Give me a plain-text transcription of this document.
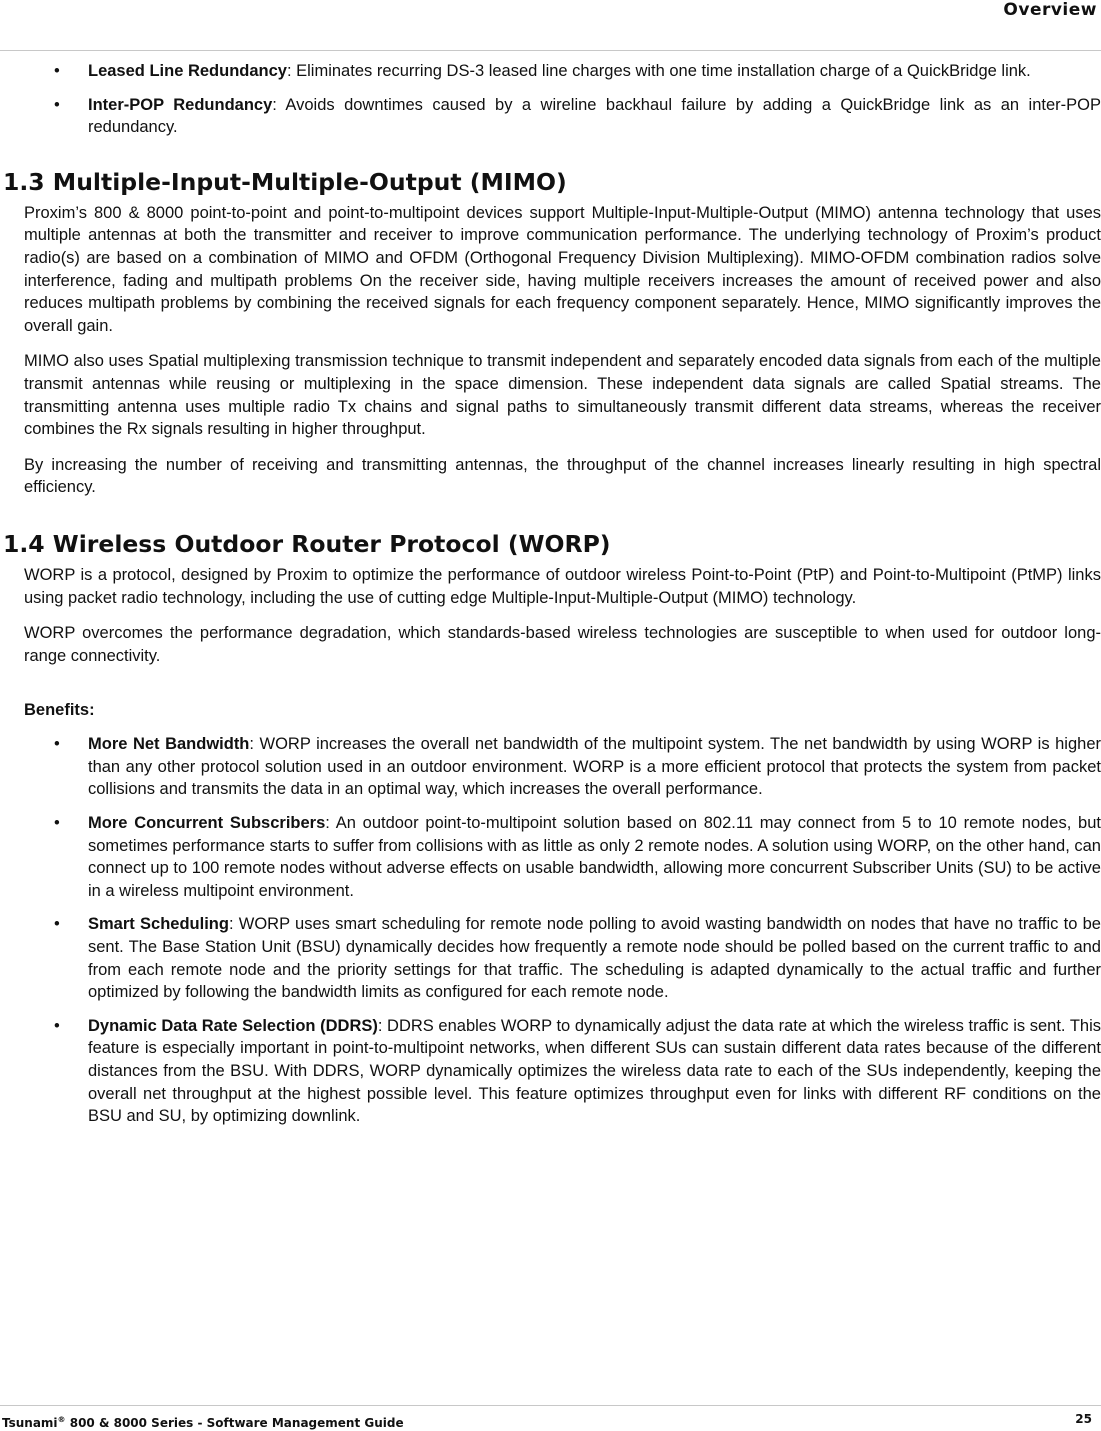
Overview
• Leased Line Redundancy: Eliminates recurring DS-3 leased line charges with one time installation charge of a QuickBridge link.
• Inter-POP Redundancy: Avoids downtimes caused by a wireline backhaul failure by adding a QuickBridge link as an inter-POP redundancy.
1.3 Multiple-Input-Multiple-Output (MIMO)

Proxim’s 800 & 8000 point-to-point and point-to-multipoint devices support Multiple-Input-Multiple-Output (MIMO) antenna technology that uses multiple antennas at both the transmitter and receiver to improve communication performance. The underlying technology of Proxim’s product radio(s) are based on a combination of MIMO and OFDM (Orthogonal Frequency Division Multiplexing). MIMO-OFDM combination radios solve interference, fading and multipath problems On the receiver side, having multiple receivers increases the amount of received power and also reduces multipath problems by combining the received signals for each frequency component separately. Hence, MIMO significantly improves the overall gain.

MIMO also uses Spatial multiplexing transmission technique to transmit independent and separately encoded data signals from each of the multiple transmit antennas while reusing or multiplexing in the space dimension. These independent data signals are called Spatial streams. The transmitting antenna uses multiple radio Tx chains and signal paths to simultaneously transmit different data streams, whereas the receiver combines the Rx signals resulting in higher throughput.

By increasing the number of receiving and transmitting antennas, the throughput of the channel increases linearly resulting in high spectral efficiency.

1.4 Wireless Outdoor Router Protocol (WORP)

WORP is a protocol, designed by Proxim to optimize the performance of outdoor wireless Point-to-Point (PtP) and Point-to-Multipoint (PtMP) links using packet radio technology, including the use of cutting edge Multiple-Input-Multiple-Output (MIMO) technology.

WORP overcomes the performance degradation, which standards-based wireless technologies are susceptible to when used for outdoor long-range connectivity.

Benefits:
• More Net Bandwidth: WORP increases the overall net bandwidth of the multipoint system. The net bandwidth by using WORP is higher than any other protocol solution used in an outdoor environment. WORP is a more efficient protocol that protects the system from packet collisions and transmits the data in an optimal way, which increases the overall performance.
• More Concurrent Subscribers: An outdoor point-to-multipoint solution based on 802.11 may connect from 5 to 10 remote nodes, but sometimes performance starts to suffer from collisions with as little as only 2 remote nodes. A solution using WORP, on the other hand, can connect up to 100 remote nodes without adverse effects on usable bandwidth, allowing more concurrent Subscriber Units (SU) to be active in a wireless multipoint environment.
• Smart Scheduling: WORP uses smart scheduling for remote node polling to avoid wasting bandwidth on nodes that have no traffic to be sent. The Base Station Unit (BSU) dynamically decides how frequently a remote node should be polled based on the current traffic to and from each remote node and the priority settings for that traffic. The scheduling is adapted dynamically to the actual traffic and further optimized by following the bandwidth limits as configured for each remote node.
• Dynamic Data Rate Selection (DDRS): DDRS enables WORP to dynamically adjust the data rate at which the wireless traffic is sent. This feature is especially important in point-to-multipoint networks, when different SUs can sustain different data rates because of the different distances from the BSU. With DDRS, WORP dynamically optimizes the wireless data rate to each of the SUs independently, keeping the overall net throughput at the highest possible level. This feature optimizes throughput even for links with different RF conditions on the BSU and SU, by optimizing downlink.
Tsunami® 800 & 8000 Series - Software Management Guide	25
